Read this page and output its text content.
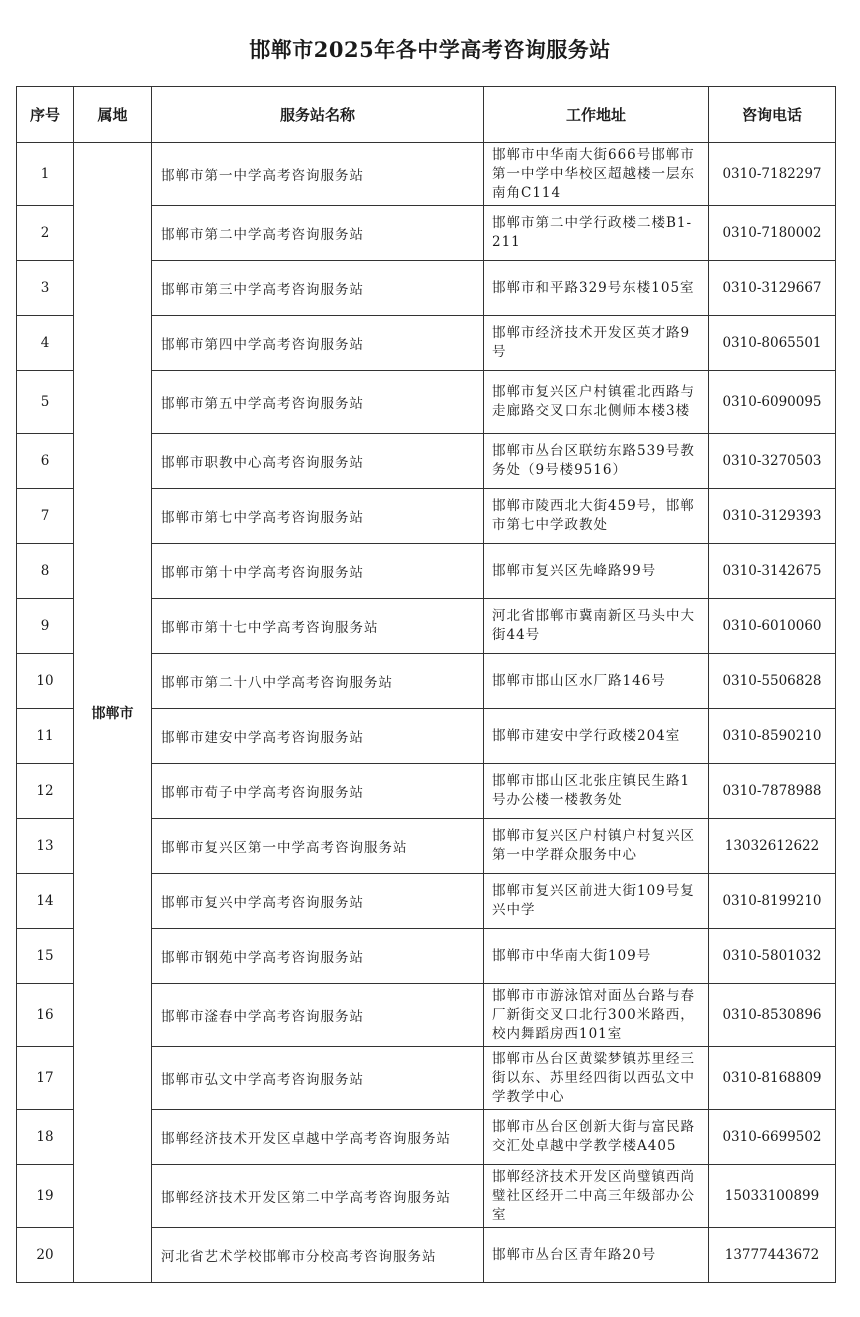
邯郸市2025年各中学高考咨询服务站
序号	属地	服务站名称	工作地址	咨询电话
1	邯郸市	邯郸市第一中学高考咨询服务站	邯郸市中华南大街666号邯郸市第一中学中华校区超越楼一层东南角C114	0310-7182297
2		邯郸市第二中学高考咨询服务站	邯郸市第二中学行政楼二楼B1-211	0310-7180002
3		邯郸市第三中学高考咨询服务站	邯郸市和平路329号东楼105室	0310-3129667
4		邯郸市第四中学高考咨询服务站	邯郸市经济技术开发区英才路9号	0310-8065501
5		邯郸市第五中学高考咨询服务站	邯郸市复兴区户村镇霍北西路与走廊路交叉口东北侧师本楼3楼	0310-6090095
6		邯郸市职教中心高考咨询服务站	邯郸市丛台区联纺东路539号教务处（9号楼9516）	0310-3270503
7		邯郸市第七中学高考咨询服务站	邯郸市陵西北大街459号，邯郸市第七中学政教处	0310-3129393
8		邯郸市第十中学高考咨询服务站	邯郸市复兴区先峰路99号	0310-3142675
9		邯郸市第十七中学高考咨询服务站	河北省邯郸市冀南新区马头中大街44号	0310-6010060
10		邯郸市第二十八中学高考咨询服务站	邯郸市邯山区水厂路146号	0310-5506828
11		邯郸市建安中学高考咨询服务站	邯郸市建安中学行政楼204室	0310-8590210
12		邯郸市荀子中学高考咨询服务站	邯郸市邯山区北张庄镇民生路1号办公楼一楼教务处	0310-7878988
13		邯郸市复兴区第一中学高考咨询服务站	邯郸市复兴区户村镇户村复兴区第一中学群众服务中心	13032612622
14		邯郸市复兴中学高考咨询服务站	邯郸市复兴区前进大街109号复兴中学	0310-8199210
15		邯郸市钢苑中学高考咨询服务站	邯郸市中华南大街109号	0310-5801032
16		邯郸市滏春中学高考咨询服务站	邯郸市市游泳馆对面丛台路与春厂新街交叉口北行300米路西，校内舞蹈房西101室	0310-8530896
17		邯郸市弘文中学高考咨询服务站	邯郸市丛台区黄粱梦镇苏里经三街以东、苏里经四街以西弘文中学教学中心	0310-8168809
18		邯郸经济技术开发区卓越中学高考咨询服务站	邯郸市丛台区创新大街与富民路交汇处卓越中学教学楼A405	0310-6699502
19		邯郸经济技术开发区第二中学高考咨询服务站	邯郸经济技术开发区尚璧镇西尚璧社区经开二中高三年级部办公室	15033100899
20		河北省艺术学校邯郸市分校高考咨询服务站	邯郸市丛台区青年路20号	13777443672
